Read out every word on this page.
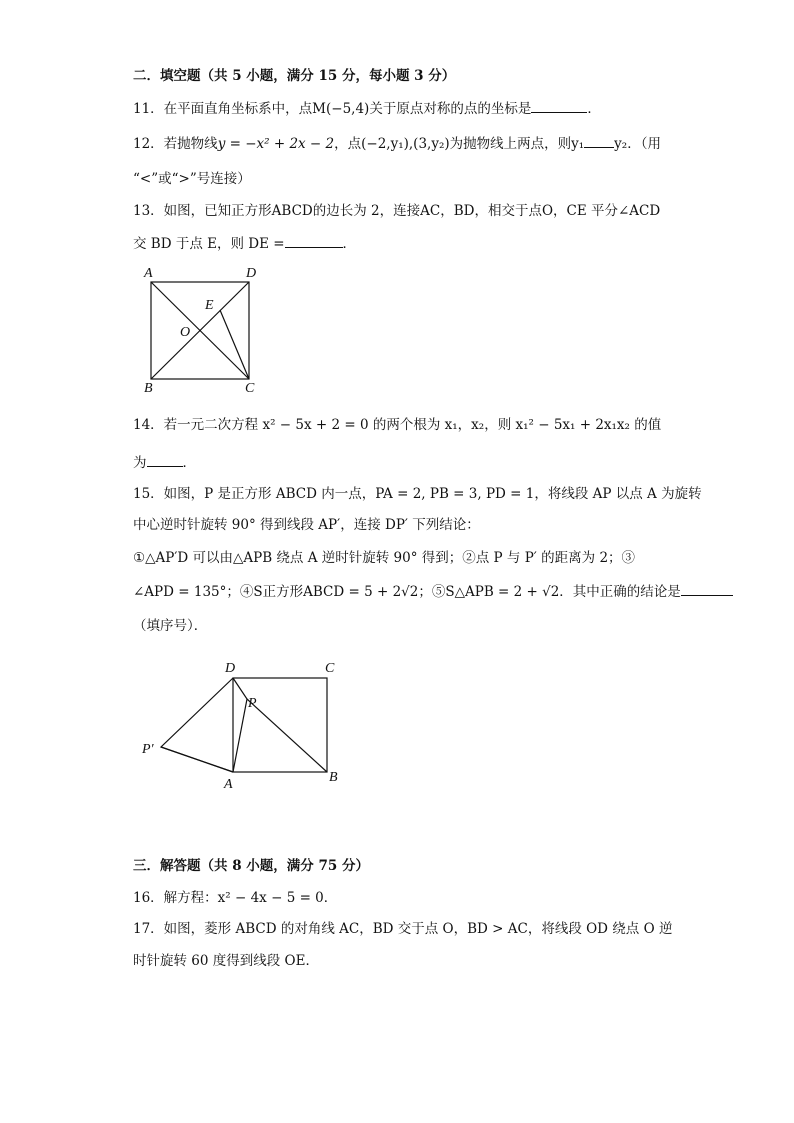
二．填空题（共 5 小题，满分 15 分，每小题 3 分）
11．在平面直角坐标系中，点M(−5,4)关于原点对称的点的坐标是	．
12．若抛物线y = −x² + 2x − 2，点(−2,y₁),(3,y₂)为抛物线上两点，则y₁ y₂．（用
“<”或“>”号连接）
13．如图，已知正方形ABCD的边长为 2，连接AC，BD，相交于点O，CE 平分∠ACD
交 BD 于点 E，则 DE =	．
A	D
E
O
B	C
14．若一元二次方程 x² − 5x + 2 = 0 的两个根为 x₁，x₂，则 x₁² − 5x₁ + 2x₁x₂ 的值
为	．
15．如图，P 是正方形 ABCD 内一点，PA = 2, PB = 3, PD = 1，将线段 AP 以点 A 为旋转
中心逆时针旋转 90° 得到线段 AP′，连接 DP′ 下列结论：
①△AP′D 可以由△APB 绕点 A 逆时针旋转 90° 得到；②点 P 与 P′ 的距离为 2；③
∠APD = 135°；④S正方形ABCD = 5 + 2√2；⑤S△APB = 2 + √2．其中正确的结论是
（填序号）．
D	C
P
P′
A	B
三．解答题（共 8 小题，满分 75 分）
16．解方程：x² − 4x − 5 = 0．
17．如图，菱形 ABCD 的对角线 AC，BD 交于点 O，BD > AC，将线段 OD 绕点 O 逆
时针旋转 60 度得到线段 OE．
